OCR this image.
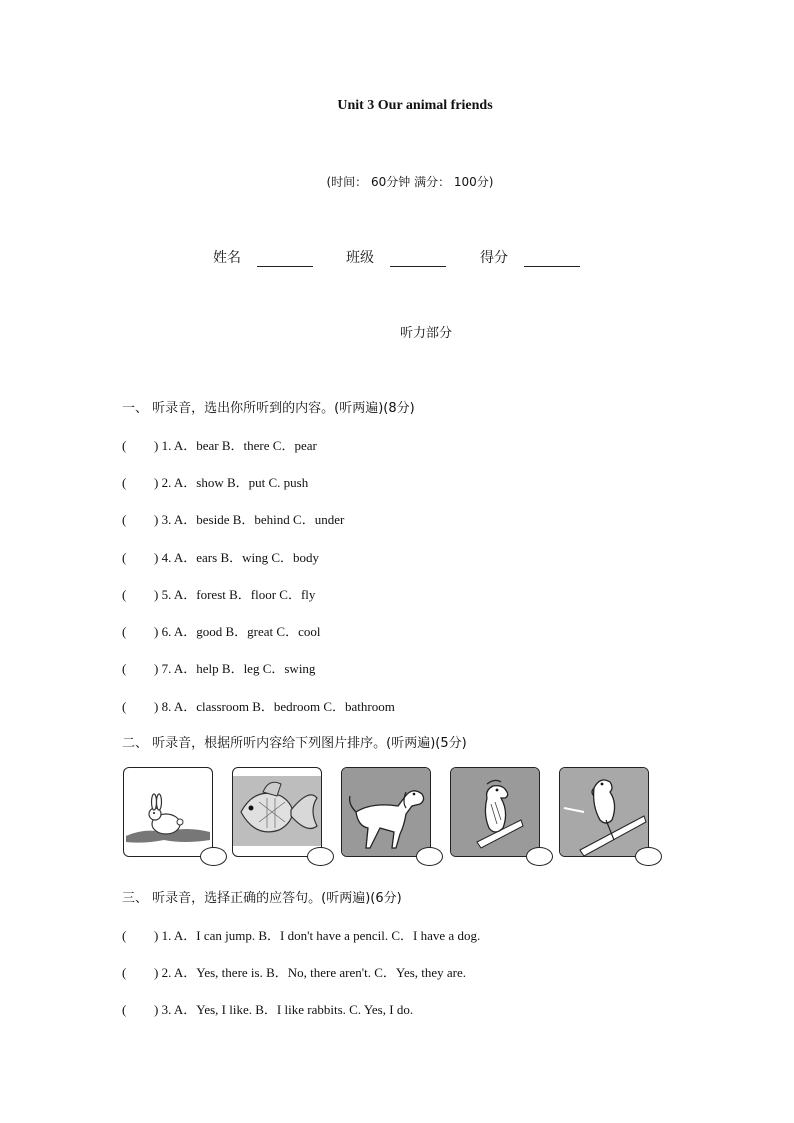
Unit 3 Our animal friends
(时间： 60分钟 满分： 100分)
姓名	班级	得分
听力部分
一、 听录音，选出你所听到的内容。(听两遍)(8分)
( ) 1. A．bear B．there C．pear
( ) 2. A．show B．put C. push
( ) 3. A．beside B．behind C．under
( ) 4. A．ears B．wing C．body
( ) 5. A．forest B．floor C．fly
( ) 6. A．good B．great C．cool
( ) 7. A．help B．leg C．swing
( ) 8. A．classroom B．bedroom C．bathroom
二、 听录音，根据所听内容给下列图片排序。(听两遍)(5分)
三、 听录音，选择正确的应答句。(听两遍)(6分)
( ) 1. A．I can jump. B．I don't have a pencil. C．I have a dog.
( ) 2. A．Yes, there is. B．No, there aren't. C．Yes, they are.
( ) 3. A．Yes, I like. B．I like rabbits. C. Yes, I do.
